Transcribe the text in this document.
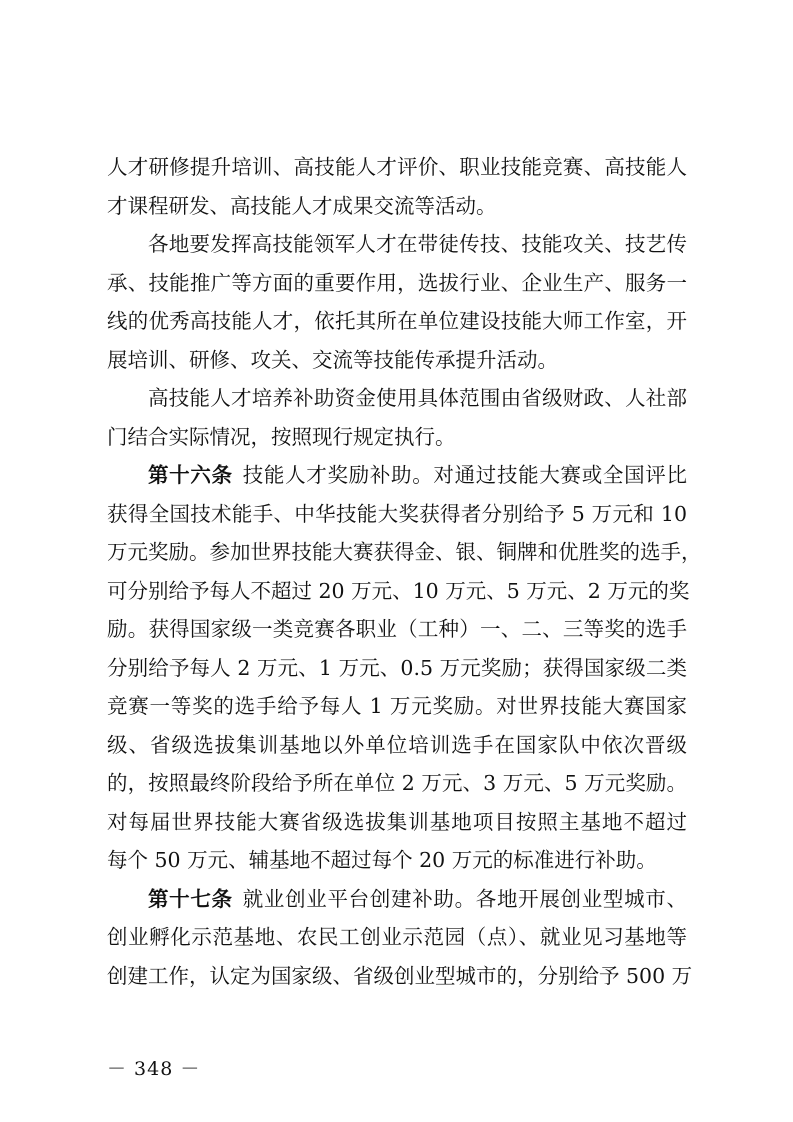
人才研修提升培训、高技能人才评价、职业技能竞赛、高技能人
才课程研发、高技能人才成果交流等活动。
各地要发挥高技能领军人才在带徒传技、技能攻关、技艺传
承、技能推广等方面的重要作用，选拔行业、企业生产、服务一
线的优秀高技能人才，依托其所在单位建设技能大师工作室，开
展培训、研修、攻关、交流等技能传承提升活动。
高技能人才培养补助资金使用具体范围由省级财政、人社部
门结合实际情况，按照现行规定执行。
第十六条 技能人才奖励补助。对通过技能大赛或全国评比
获得全国技术能手、中华技能大奖获得者分别给予 5 万元和 10
万元奖励。参加世界技能大赛获得金、银、铜牌和优胜奖的选手，
可分别给予每人不超过 20 万元、10 万元、5 万元、2 万元的奖
励。获得国家级一类竞赛各职业（工种）一、二、三等奖的选手
分别给予每人 2 万元、1 万元、0.5 万元奖励；获得国家级二类
竞赛一等奖的选手给予每人 1 万元奖励。对世界技能大赛国家
级、省级选拔集训基地以外单位培训选手在国家队中依次晋级
的，按照最终阶段给予所在单位 2 万元、3 万元、5 万元奖励。
对每届世界技能大赛省级选拔集训基地项目按照主基地不超过
每个 50 万元、辅基地不超过每个 20 万元的标准进行补助。
第十七条 就业创业平台创建补助。各地开展创业型城市、
创业孵化示范基地、农民工创业示范园（点）、就业见习基地等
创建工作，认定为国家级、省级创业型城市的，分别给予 500 万
－ 348 －
